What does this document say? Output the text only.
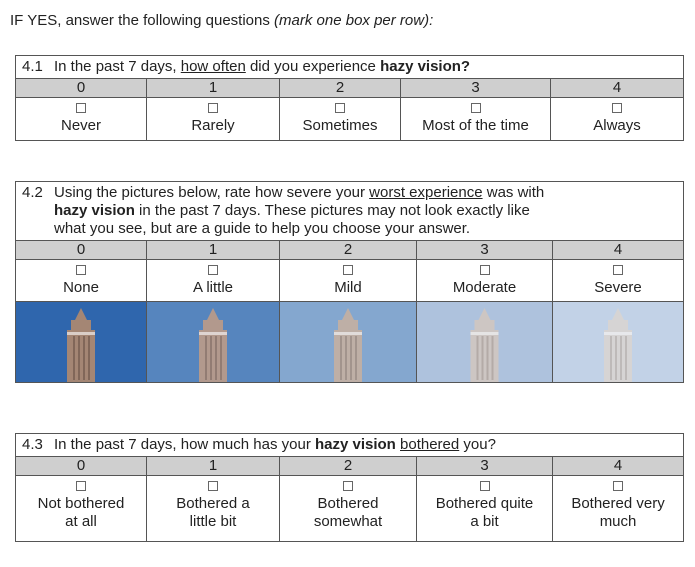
IF YES, answer the following questions (mark one box per row):
4.1 In the past 7 days, how often did you experience hazy vision?				
0	1	2	3	4

Never	Rarely	Sometimes	Most of the time	Always
4.2 Using the pictures below, rate how severe your worst experience was with
hazy vision in the past 7 days. These pictures may not look exactly like
what you see, but are a guide to help you choose your answer.				

0	1	2	3	4

None	A little	Mild	Moderate	Severe

4.3 In the past 7 days, how much has your hazy vision bothered you?				
0	1	2	3	4

Not bothered
at all	Bothered a
little bit	Bothered
somewhat	Bothered quite
a bit	Bothered very
much
